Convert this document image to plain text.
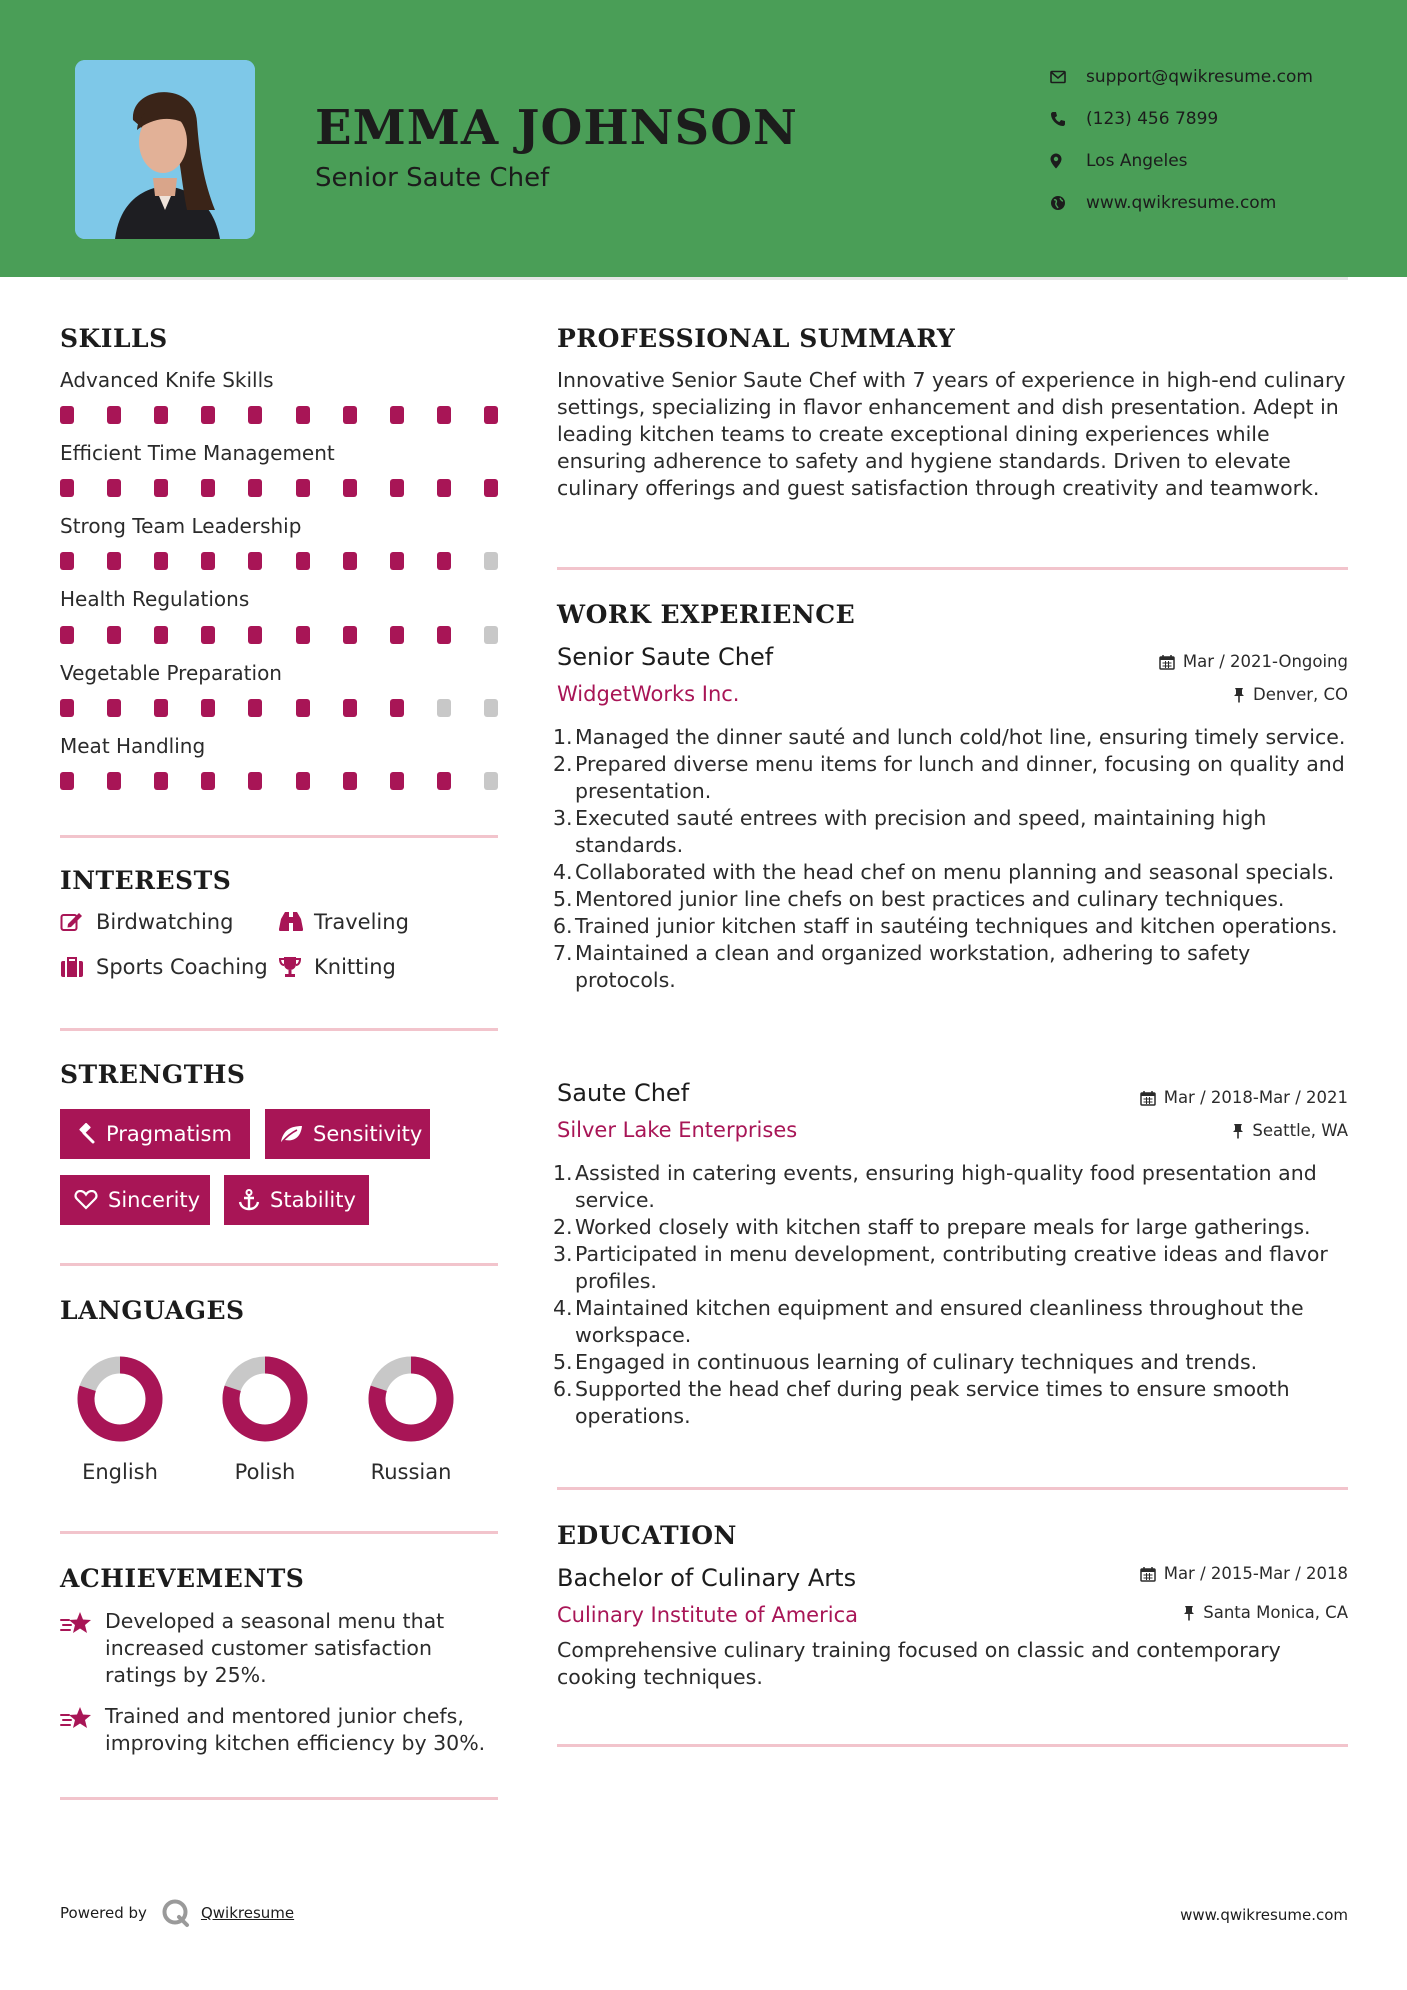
EMMA JOHNSON
Senior Saute Chef
support@qwikresume.com
(123) 456 7899
Los Angeles
www.qwikresume.com
SKILLS
Advanced Knife Skills
Efficient Time Management
Strong Team Leadership
Health Regulations
Vegetable Preparation
Meat Handling
INTERESTS
Birdwatching	Traveling
Sports Coaching Knitting
STRENGTHS
Pragmatism	Sensitivity
Sincerity	Stability
LANGUAGES
English	Polish	Russian
ACHIEVEMENTS
Developed a seasonal menu that increased customer satisfaction ratings by 25%.
Trained and mentored junior chefs, improving kitchen efficiency by 30%.
PROFESSIONAL SUMMARY
Innovative Senior Saute Chef with 7 years of experience in high-end culinary settings, specializing in flavor enhancement and dish presentation. Adept in leading kitchen teams to create exceptional dining experiences while ensuring adherence to safety and hygiene standards. Driven to elevate culinary offerings and guest satisfaction through creativity and teamwork.
WORK EXPERIENCE
Senior Saute Chef	Mar / 2021-Ongoing
WidgetWorks Inc.	Denver, CO
1. Managed the dinner sauté and lunch cold/hot line, ensuring timely service.
2. Prepared diverse menu items for lunch and dinner, focusing on quality and presentation.
3. Executed sauté entrees with precision and speed, maintaining high standards.
4. Collaborated with the head chef on menu planning and seasonal specials.
5. Mentored junior line chefs on best practices and culinary techniques.
6. Trained junior kitchen staff in sautéing techniques and kitchen operations.
7. Maintained a clean and organized workstation, adhering to safety protocols.
Saute Chef	Mar / 2018-Mar / 2021
Silver Lake Enterprises	Seattle, WA
1. Assisted in catering events, ensuring high-quality food presentation and service.
2. Worked closely with kitchen staff to prepare meals for large gatherings.
3. Participated in menu development, contributing creative ideas and flavor profiles.
4. Maintained kitchen equipment and ensured cleanliness throughout the workspace.
5. Engaged in continuous learning of culinary techniques and trends.
6. Supported the head chef during peak service times to ensure smooth operations.
EDUCATION
Bachelor of Culinary Arts	Mar / 2015-Mar / 2018
Culinary Institute of America	Santa Monica, CA
Comprehensive culinary training focused on classic and contemporary cooking techniques.
Powered by	Qwikresume	www.qwikresume.com
